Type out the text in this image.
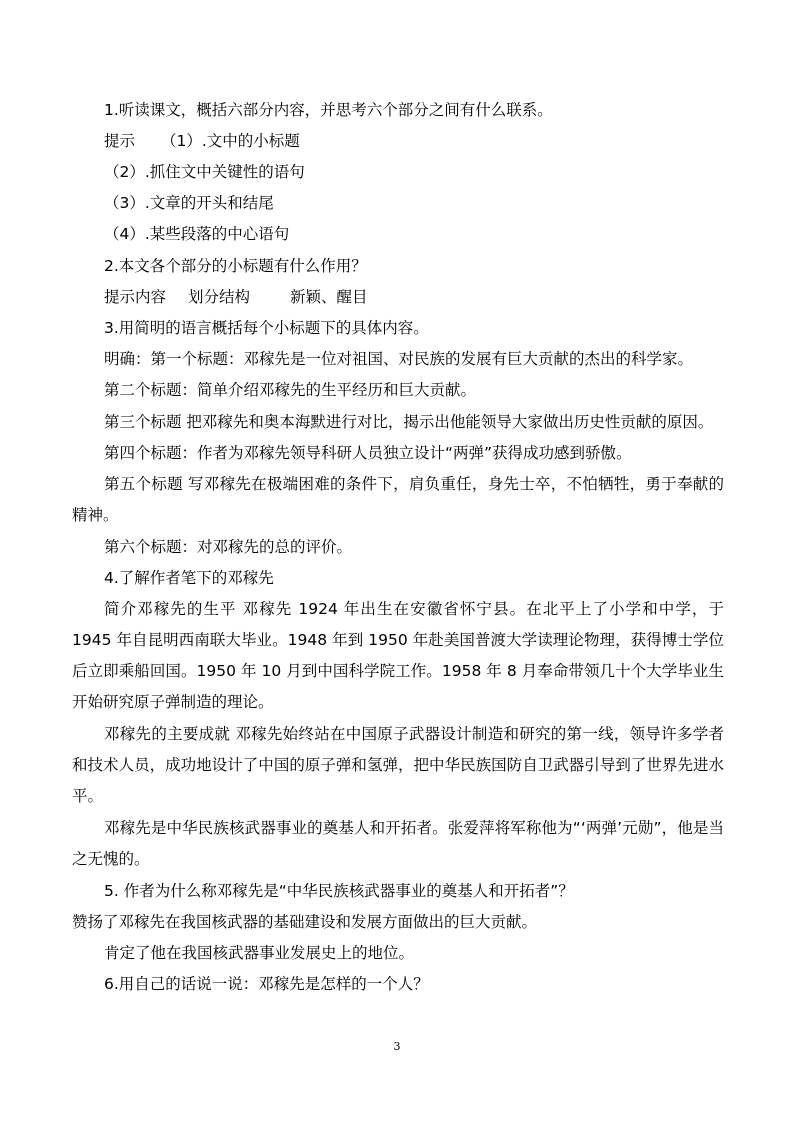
1.听读课文，概括六部分内容，并思考六个部分之间有什么联系。
提示 （1）.文中的小标题
（2）.抓住文中关键性的语句
（3）.文章的开头和结尾
（4）.某些段落的中心语句
2.本文各个部分的小标题有什么作用？
提示内容 划分结构	新颖、醒目
3.用简明的语言概括每个小标题下的具体内容。
明确：第一个标题：邓稼先是一位对祖国、对民族的发展有巨大贡献的杰出的科学家。
第二个标题：简单介绍邓稼先的生平经历和巨大贡献。
第三个标题 把邓稼先和奥本海默进行对比，揭示出他能领导大家做出历史性贡献的原因。
第四个标题：作者为邓稼先领导科研人员独立设计“两弹”获得成功感到骄傲。
第五个标题 写邓稼先在极端困难的条件下，肩负重任，身先士卒，不怕牺牲，勇于奉献的精神。
第六个标题：对邓稼先的总的评价。
4.了解作者笔下的邓稼先
简介邓稼先的生平 邓稼先 1924 年出生在安徽省怀宁县。在北平上了小学和中学，于 1945 年自昆明西南联大毕业。1948 年到 1950 年赴美国普渡大学读理论物理，获得博士学位后立即乘船回国。1950 年 10 月到中国科学院工作。1958 年 8 月奉命带领几十个大学毕业生开始研究原子弹制造的理论。
邓稼先的主要成就 邓稼先始终站在中国原子武器设计制造和研究的第一线，领导许多学者和技术人员，成功地设计了中国的原子弹和氢弹，把中华民族国防自卫武器引导到了世界先进水平。
邓稼先是中华民族核武器事业的奠基人和开拓者。张爱萍将军称他为“‘两弹’元勋”，他是当之无愧的。
5. 作者为什么称邓稼先是“中华民族核武器事业的奠基人和开拓者”？
赞扬了邓稼先在我国核武器的基础建设和发展方面做出的巨大贡献。
肯定了他在我国核武器事业发展史上的地位。
6.用自己的话说一说：邓稼先是怎样的一个人？
3
